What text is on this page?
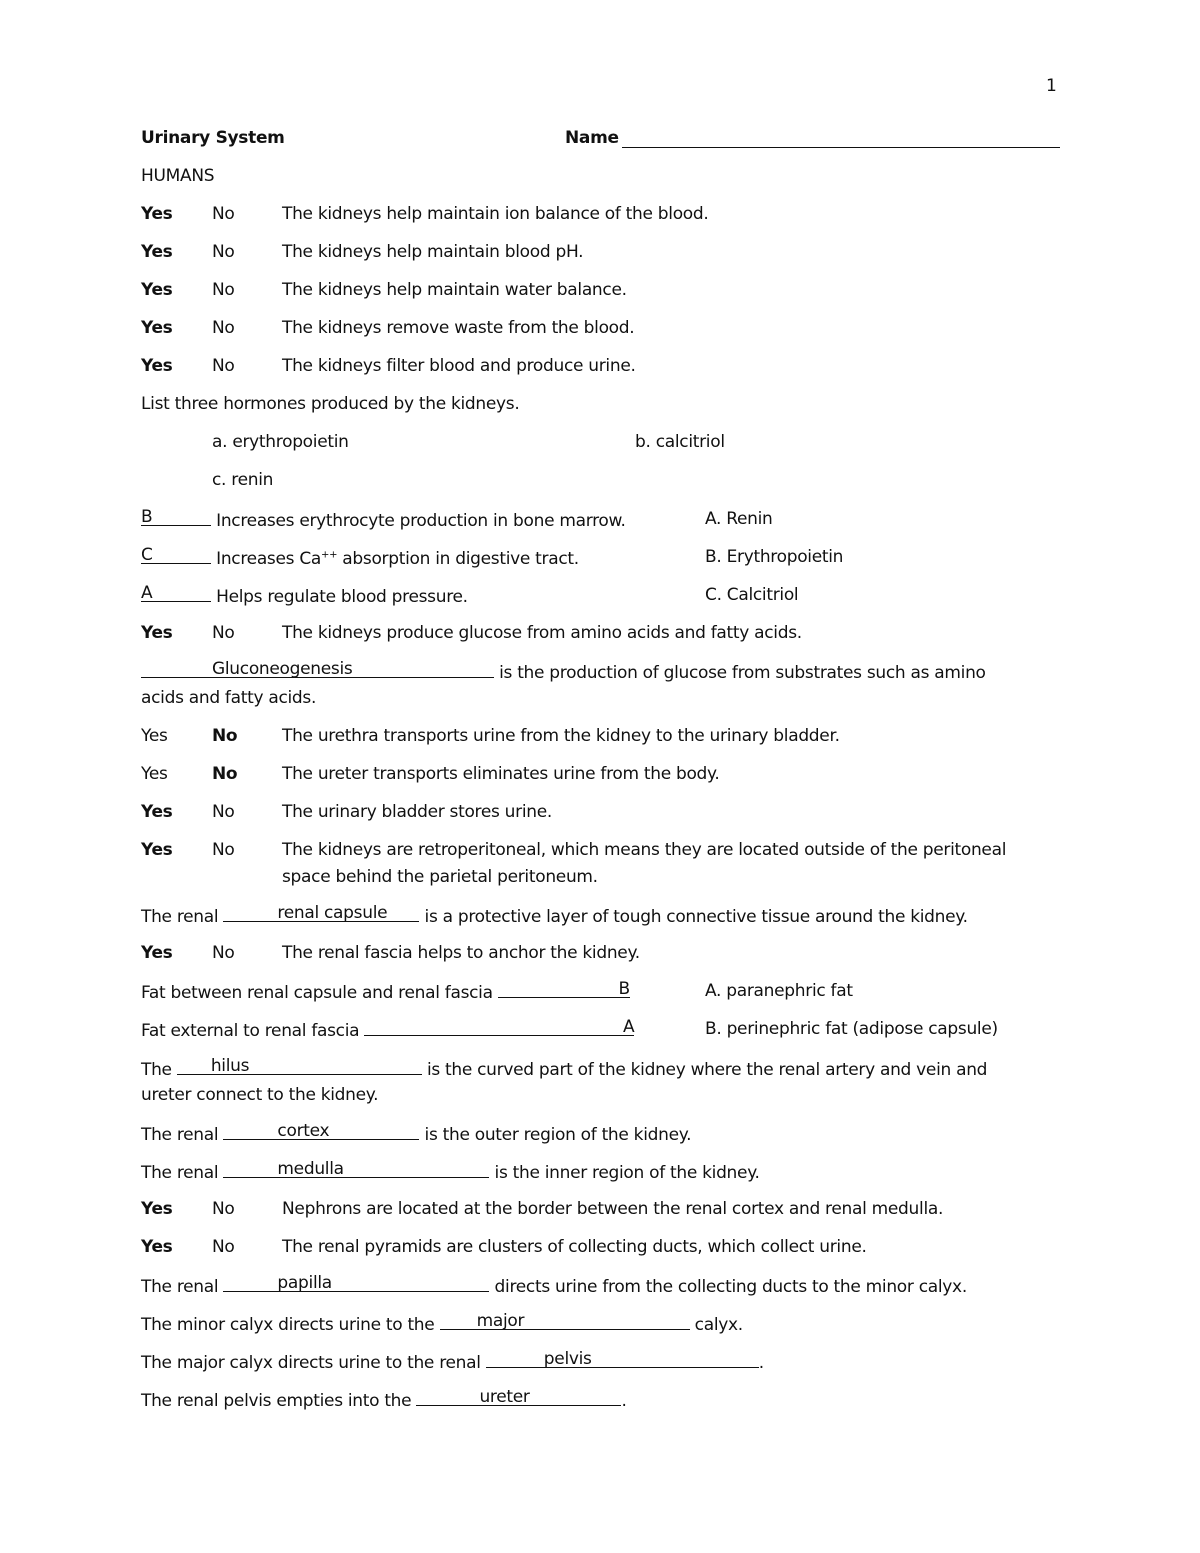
1
Urinary System	Name
HUMANS
Yes No	The kidneys help maintain ion balance of the blood.
Yes No	The kidneys help maintain blood pH.
Yes No	The kidneys help maintain water balance.
Yes No	The kidneys remove waste from the blood.
Yes No	The kidneys filter blood and produce urine.
List three hormones produced by the kidneys.
a. erythropoietin	b. calcitriol
c. renin
B	Increases erythrocyte production in bone marrow.	A. Renin
C	Increases Ca++ absorption in digestive tract.	B. Erythropoietin
A	Helps regulate blood pressure.	C. Calcitriol
Yes No	The kidneys produce glucose from amino acids and fatty acids.
Gluconeogenesis	is the production of glucose from substrates such as amino
acids and fatty acids.
Yes	No	The urethra transports urine from the kidney to the urinary bladder.
Yes	No	The ureter transports eliminates urine from the body.
Yes No	The urinary bladder stores urine.
Yes No	The kidneys are retroperitoneal, which means they are located outside of the peritoneal
space behind the parietal peritoneum.
The renal	renal capsule is a protective layer of tough connective tissue around the kidney.
Yes No	The renal fascia helps to anchor the kidney.
Fat between renal capsule and renal fascia	B	A. paranephric fat
Fat external to renal fascia	A	B. perinephric fat (adipose capsule)
The hilus	is the curved part of the kidney where the renal artery and vein and
ureter connect to the kidney.
The renal	cortex	is the outer region of the kidney.
The renal	medulla	is the inner region of the kidney.
Yes No	Nephrons are located at the border between the renal cortex and renal medulla.
Yes No	The renal pyramids are clusters of collecting ducts, which collect urine.
The renal	papilla	directs urine from the collecting ducts to the minor calyx.
The minor calyx directs urine to the major	calyx.
The major calyx directs urine to the renal	pelvis	.
The renal pelvis empties into the	ureter	.
